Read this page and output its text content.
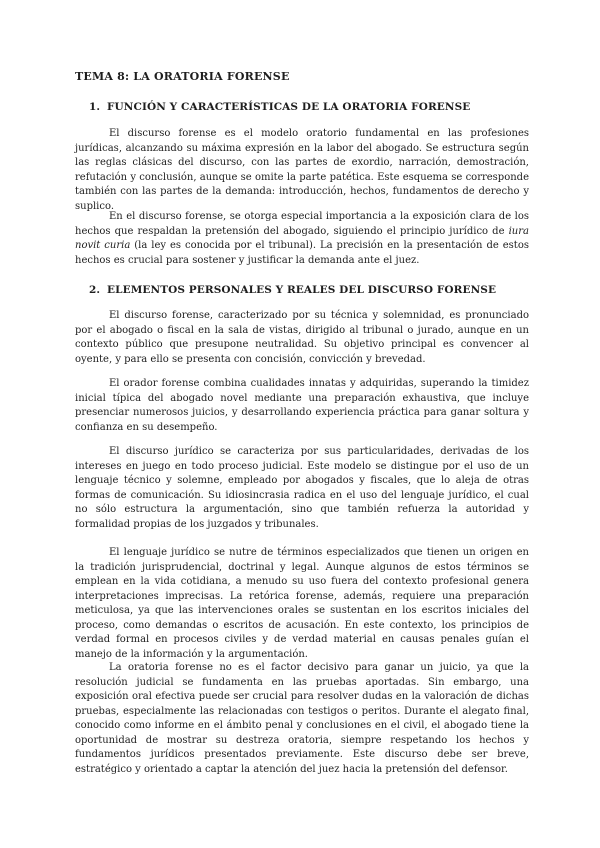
TEMA 8: LA ORATORIA FORENSE
1. FUNCIÓN Y CARACTERÍSTICAS DE LA ORATORIA FORENSE

El discurso forense es el modelo oratorio fundamental en las profesiones jurídicas, alcanzando su máxima expresión en la labor del abogado. Se estructura según las reglas clásicas del discurso, con las partes de exordio, narración, demostración, refutación y conclusión, aunque se omite la parte patética. Este esquema se corresponde también con las partes de la demanda: introducción, hechos, fundamentos de derecho y suplico.

En el discurso forense, se otorga especial importancia a la exposición clara de los hechos que respaldan la pretensión del abogado, siguiendo el principio jurídico de iura novit curia (la ley es conocida por el tribunal). La precisión en la presentación de estos hechos es crucial para sostener y justificar la demanda ante el juez.

2. ELEMENTOS PERSONALES Y REALES DEL DISCURSO FORENSE

El discurso forense, caracterizado por su técnica y solemnidad, es pronunciado por el abogado o fiscal en la sala de vistas, dirigido al tribunal o jurado, aunque en un contexto público que presupone neutralidad. Su objetivo principal es convencer al oyente, y para ello se presenta con concisión, convicción y brevedad.

El orador forense combina cualidades innatas y adquiridas, superando la timidez inicial típica del abogado novel mediante una preparación exhaustiva, que incluye presenciar numerosos juicios, y desarrollando experiencia práctica para ganar soltura y confianza en su desempeño.

El discurso jurídico se caracteriza por sus particularidades, derivadas de los intereses en juego en todo proceso judicial. Este modelo se distingue por el uso de un lenguaje técnico y solemne, empleado por abogados y fiscales, que lo aleja de otras formas de comunicación. Su idiosincrasia radica en el uso del lenguaje jurídico, el cual no sólo estructura la argumentación, sino que también refuerza la autoridad y formalidad propias de los juzgados y tribunales.

El lenguaje jurídico se nutre de términos especializados que tienen un origen en la tradición jurisprudencial, doctrinal y legal. Aunque algunos de estos términos se emplean en la vida cotidiana, a menudo su uso fuera del contexto profesional genera interpretaciones imprecisas. La retórica forense, además, requiere una preparación meticulosa, ya que las intervenciones orales se sustentan en los escritos iniciales del proceso, como demandas o escritos de acusación. En este contexto, los principios de verdad formal en procesos civiles y de verdad material en causas penales guían el manejo de la información y la argumentación.

La oratoria forense no es el factor decisivo para ganar un juicio, ya que la resolución judicial se fundamenta en las pruebas aportadas. Sin embargo, una exposición oral efectiva puede ser crucial para resolver dudas en la valoración de dichas pruebas, especialmente las relacionadas con testigos o peritos. Durante el alegato final, conocido como informe en el ámbito penal y conclusiones en el civil, el abogado tiene la oportunidad de mostrar su destreza oratoria, siempre respetando los hechos y fundamentos jurídicos presentados previamente. Este discurso debe ser breve, estratégico y orientado a captar la atención del juez hacia la pretensión del defensor.
